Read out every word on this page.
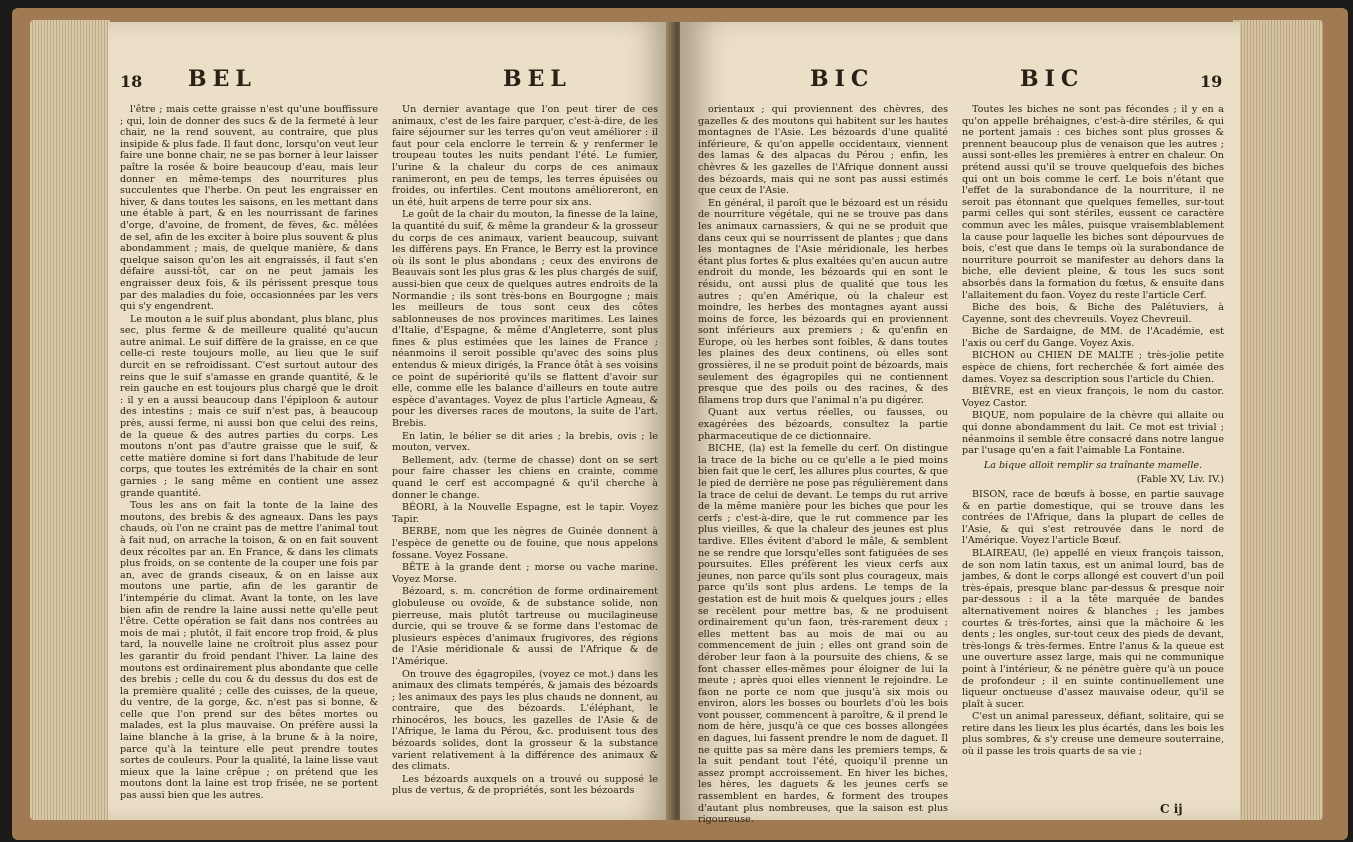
18 BEL	BEL

l'être ; mais cette graisse n'est qu'une bouffissure ; qui, loin de donner des sucs & de la fermeté à leur chair, ne la rend souvent, au contraire, que plus insipide & plus fade. Il faut donc, lorsqu'on veut leur faire une bonne chair, ne se pas borner à leur laisser paître la rosée & boire beaucoup d'eau, mais leur donner en même-temps des nourritures plus succulentes que l'herbe. On peut les engraisser en hiver, & dans toutes les saisons, en les mettant dans une étable à part, & en les nourrissant de farines d'orge, d'avoine, de froment, de fèves, &c. mêlées de sel, afin de les exciter à boire plus souvent & plus abondamment ; mais, de quelque manière, & dans quelque saison qu'on les ait engraissés, il faut s'en défaire aussi-tôt, car on ne peut jamais les engraisser deux fois, & ils périssent presque tous par des maladies du foie, occasionnées par les vers qui s'y engendrent.

Le mouton a le suif plus abondant, plus blanc, plus sec, plus ferme & de meilleure qualité qu'aucun autre animal. Le suif diffère de la graisse, en ce que celle-ci reste toujours molle, au lieu que le suif durcit en se refroidissant. C'est surtout autour des reins que le suif s'amasse en grande quantité, & le rein gauche en est toujours plus chargé que le droit : il y en a aussi beaucoup dans l'épiploon & autour des intestins ; mais ce suif n'est pas, à beaucoup près, aussi ferme, ni aussi bon que celui des reins, de la queue & des autres parties du corps. Les moutons n'ont pas d'autre graisse que le suif, & cette matière domine si fort dans l'habitude de leur corps, que toutes les extrémités de la chair en sont garnies ; le sang même en contient une assez grande quantité.

Tous les ans on fait la tonte de la laine des moutons, des brebis & des agneaux. Dans les pays chauds, où l'on ne craint pas de mettre l'animal tout à fait nud, on arrache la toison, & on en fait souvent deux récoltes par an. En France, & dans les climats plus froids, on se contente de la couper une fois par an, avec de grands ciseaux, & on en laisse aux moutons une partie, afin de les garantir de l'intempérie du climat. Avant la tonte, on les lave bien afin de rendre la laine aussi nette qu'elle peut l'être. Cette opération se fait dans nos contrées au mois de mai ; plutôt, il fait encore trop froid, & plus tard, la nouvelle laine ne croîtroit plus assez pour les garantir du froid pendant l'hiver. La laine des moutons est ordinairement plus abondante que celle des brebis ; celle du cou & du dessus du dos est de la première qualité ; celle des cuisses, de la queue, du ventre, de la gorge, &c. n'est pas si bonne, & celle que l'on prend sur des bêtes mortes ou malades, est la plus mauvaise. On préfère aussi la laine blanche à la grise, à la brune & à la noire, parce qu'à la teinture elle peut prendre toutes sortes de couleurs. Pour la qualité, la laine lisse vaut mieux que la laine crêpue ; on prétend que les moutons dont la laine est trop frisée, ne se portent pas aussi bien que les autres.

Un dernier avantage que l'on peut tirer de ces animaux, c'est de les faire parquer, c'est-à-dire, de les faire séjourner sur les terres qu'on veut améliorer : il faut pour cela enclorre le terrein & y renfermer le troupeau toutes les nuits pendant l'été. Le fumier, l'urine & la chaleur du corps de ces animaux ranimeront, en peu de temps, les terres épuisées ou froides, ou infertiles. Cent moutons amélioreront, en un été, huit arpens de terre pour six ans.

Le goût de la chair du mouton, la finesse de la laine, la quantité du suif, & même la grandeur & la grosseur du corps de ces animaux, varient beaucoup, suivant les différens pays. En France, le Berry est la province où ils sont le plus abondans ; ceux des environs de Beauvais sont les plus gras & les plus chargés de suif, aussi-bien que ceux de quelques autres endroits de la Normandie ; ils sont très-bons en Bourgogne ; mais les meilleurs de tous sont ceux des côtes sablonneuses de nos provinces maritimes. Les laines d'Italie, d'Espagne, & même d'Angleterre, sont plus fines & plus estimées que les laines de France ; néanmoins il seroit possible qu'avec des soins plus entendus & mieux dirigés, la France ôtât à ses voisins ce point de supériorité qu'ils se flattent d'avoir sur elle, comme elle les balance d'ailleurs en toute autre espèce d'avantages. Voyez de plus l'article Agneau, & pour les diverses races de moutons, la suite de l'art. Brebis.

En latin, le bélier se dit aries ; la brebis, ovis ; le mouton, vervex.

Bellement, adv. (terme de chasse) dont on se sert pour faire chasser les chiens en crainte, comme quand le cerf est accompagné & qu'il cherche à donner le change.

BÉORI, à la Nouvelle Espagne, est le tapir. Voyez Tapir.

BERBE, nom que les nègres de Guinée donnent à l'espèce de genette ou de fouine, que nous appelons fossane. Voyez Fossane.

BÊTE à la grande dent ; morse ou vache marine. Voyez Morse.

Bézoard, s. m. concrétion de forme ordinairement globuleuse ou ovoïde, & de substance solide, non pierreuse, mais plutôt tartreuse ou mucilagineuse durcie, qui se trouve & se forme dans l'estomac de plusieurs espèces d'animaux frugivores, des régions de l'Asie méridionale & aussi de l'Afrique & de l'Amérique.

On trouve des égagropiles, (voyez ce mot.) dans les animaux des climats tempérés, & jamais des bézoards ; les animaux des pays les plus chauds ne donnent, au contraire, que des bézoards. L'éléphant, le rhinocéros, les boucs, les gazelles de l'Asie & de l'Afrique, le lama du Pérou, &c. produisent tous des bézoards solides, dont la grosseur & la substance varient relativement à la différence des animaux & des climats.

Les bézoards auxquels on a trouvé ou supposé le plus de vertus, & de propriétés, sont les bézoards

BIC	BIC	19

orientaux ; qui proviennent des chèvres, des gazelles & des moutons qui habitent sur les hautes montagnes de l'Asie. Les bézoards d'une qualité inférieure, & qu'on appelle occidentaux, viennent des lamas & des alpacas du Pérou ; enfin, les chèvres & les gazelles de l'Afrique donnent aussi des bézoards, mais qui ne sont pas aussi estimés que ceux de l'Asie.

En général, il paroît que le bézoard est un résidu de nourriture végétale, qui ne se trouve pas dans les animaux carnassiers, & qui ne se produit que dans ceux qui se nourrissent de plantes ; que dans les montagnes de l'Asie méridionale, les herbes étant plus fortes & plus exaltées qu'en aucun autre endroit du monde, les bézoards qui en sont le résidu, ont aussi plus de qualité que tous les autres ; qu'en Amérique, où la chaleur est moindre, les herbes des montagnes ayant aussi moins de force, les bézoards qui en proviennent sont inférieurs aux premiers ; & qu'enfin en Europe, où les herbes sont foibles, & dans toutes les plaines des deux continens, où elles sont grossières, il ne se produit point de bézoards, mais seulement des égagropiles qui ne contiennent presque que des poils ou des racines, & des filamens trop durs que l'animal n'a pu digérer.

Quant aux vertus réelles, ou fausses, ou exagérées des bézoards, consultez la partie pharmaceutique de ce dictionnaire.

BICHE, (la) est la femelle du cerf. On distingue la trace de la biche ou ce qu'elle a le pied moins bien fait que le cerf, les allures plus courtes, & que le pied de derrière ne pose pas régulièrement dans la trace de celui de devant. Le temps du rut arrive de la même manière pour les biches que pour les cerfs ; c'est-à-dire, que le rut commence par les plus vieilles, & que la chaleur des jeunes est plus tardive. Elles évitent d'abord le mâle, & semblent ne se rendre que lorsqu'elles sont fatiguées de ses poursuites. Elles préfèrent les vieux cerfs aux jeunes, non parce qu'ils sont plus courageux, mais parce qu'ils sont plus ardens. Le temps de la gestation est de huit mois & quelques jours ; elles se recèlent pour mettre bas, & ne produisent ordinairement qu'un faon, très-rarement deux ; elles mettent bas au mois de mai ou au commencement de juin ; elles ont grand soin de dérober leur faon à la poursuite des chiens, & se font chasser elles-mêmes pour éloigner de lui la meute ; après quoi elles viennent le rejoindre. Le faon ne porte ce nom que jusqu'à six mois ou environ, alors les bosses ou bourlets d'où les bois vont pousser, commencent à paroître, & il prend le nom de hère, jusqu'à ce que ces bosses allongées en dagues, lui fassent prendre le nom de daguet. Il ne quitte pas sa mère dans les premiers temps, & la suit pendant tout l'été, quoiqu'il prenne un assez prompt accroissement. En hiver les biches, les hères, les daguets & les jeunes cerfs se rassemblent en hardes, & forment des troupes d'autant plus nombreuses, que la saison est plus rigoureuse.

Toutes les biches ne sont pas fécondes ; il y en a qu'on appelle bréhaignes, c'est-à-dire stériles, & qui ne portent jamais : ces biches sont plus grosses & prennent beaucoup plus de venaison que les autres ; aussi sont-elles les premières à entrer en chaleur. On prétend aussi qu'il se trouve quelquefois des biches qui ont un bois comme le cerf. Le bois n'étant que l'effet de la surabondance de la nourriture, il ne seroit pas étonnant que quelques femelles, sur-tout parmi celles qui sont stériles, eussent ce caractère commun avec les mâles, puisque vraisemblablement la cause pour laquelle les biches sont dépourvues de bois, c'est que dans le temps où la surabondance de nourriture pourroit se manifester au dehors dans la biche, elle devient pleine, & tous les sucs sont absorbés dans la formation du fœtus, & ensuite dans l'allaitement du faon. Voyez du reste l'article Cerf.

Biche des bois, & Biche des Palétuviers, à Cayenne, sont des chevreuils. Voyez Chevreuil.

Biche de Sardaigne, de MM. de l'Académie, est l'axis ou cerf du Gange. Voyez Axis.

BICHON ou CHIEN DE MALTE ; très-jolie petite espèce de chiens, fort recherchée & fort aimée des dames. Voyez sa description sous l'article du Chien.

BIÈVRE, est en vieux françois, le nom du castor. Voyez Castor.

BIQUE, nom populaire de la chèvre qui allaite ou qui donne abondamment du lait. Ce mot est trivial ; néanmoins il semble être consacré dans notre langue par l'usage qu'en a fait l'aimable La Fontaine.

La bique alloit remplir sa traînante mamelle.
(Fable XV, Liv. IV.)

BISON, race de bœufs à bosse, en partie sauvage & en partie domestique, qui se trouve dans les contrées de l'Afrique, dans la plupart de celles de l'Asie, & qui s'est retrouvée dans le nord de l'Amérique. Voyez l'article Bœuf.

BLAIREAU, (le) appellé en vieux françois taisson, de son nom latin taxus, est un animal lourd, bas de jambes, & dont le corps allongé est couvert d'un poil très-épais, presque blanc par-dessus & presque noir par-dessous : il a la tête marquée de bandes alternativement noires & blanches ; les jambes courtes & très-fortes, ainsi que la mâchoire & les dents ; les ongles, sur-tout ceux des pieds de devant, très-longs & très-fermes. Entre l'anus & la queue est une ouverture assez large, mais qui ne communique point à l'intérieur, & ne pénètre guère qu'à un pouce de profondeur ; il en suinte continuellement une liqueur onctueuse d'assez mauvaise odeur, qu'il se plaît à sucer.

C'est un animal paresseux, défiant, solitaire, qui se retire dans les lieux les plus écartés, dans les bois les plus sombres, & s'y creuse une demeure souterraine, où il passe les trois quarts de sa vie ;

C ij
